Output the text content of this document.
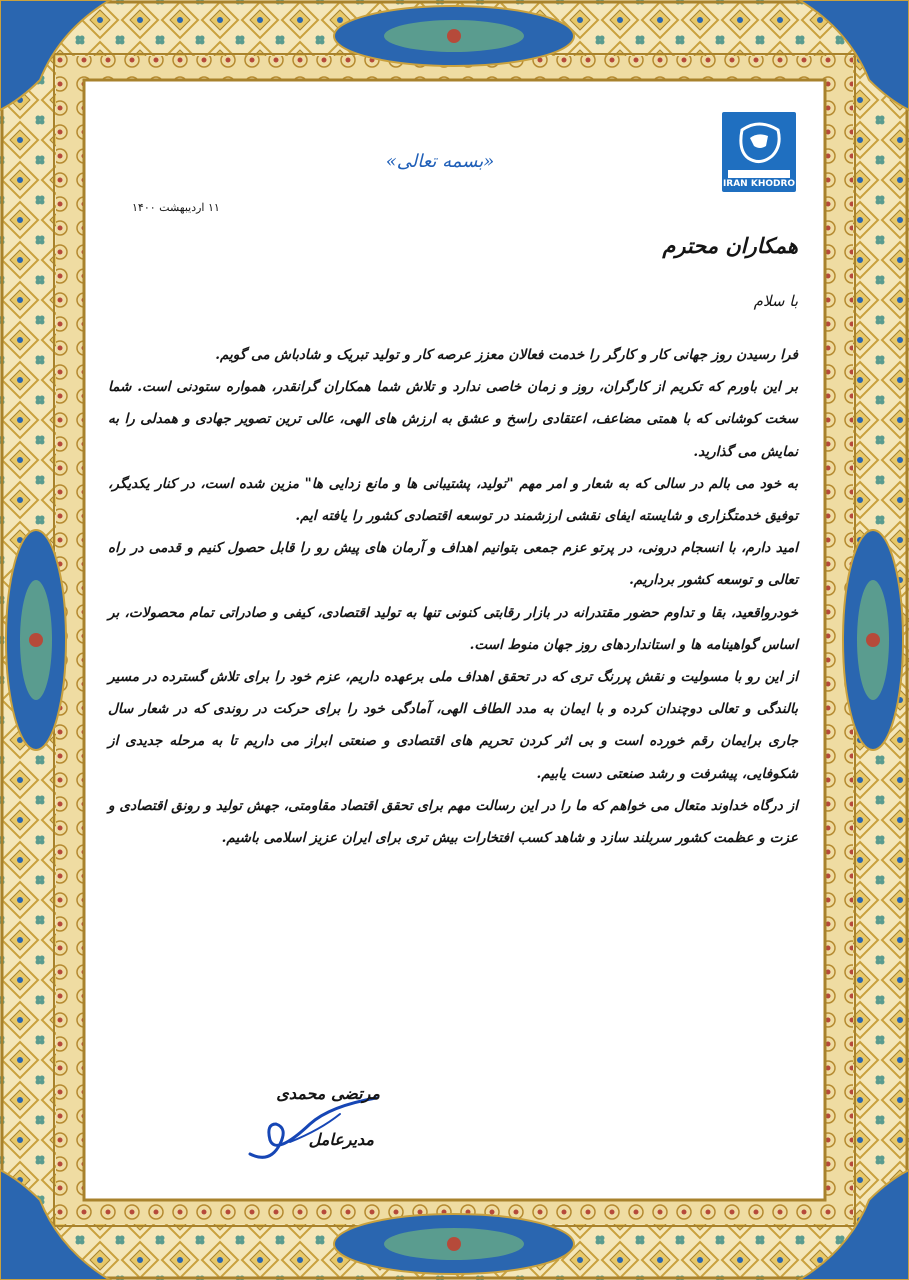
IRAN KHODRO
«بسمه تعالی»
۱۱ اردیبهشت ۱۴۰۰
همکاران محترم
با سلام

فرا رسیدن روز جهانی کار و کارگر را خدمت فعالان معزز عرصه کار و تولید تبریک و شادباش می گویم.

بر این باورم که تکریم از کارگران، روز و زمان خاصی ندارد و تلاش شما همکاران گرانقدر، همواره ستودنی است. شما سخت کوشانی که با همتی مضاعف، اعتقادی راسخ و عشق به ارزش های الهی، عالی ترین تصویر جهادی و همدلی را به نمایش می گذارید.

به خود می بالم در سالی که به شعار و امر مهم "تولید، پشتیبانی ها و مانع زدایی ها" مزین شده است، در کنار یکدیگر، توفیق خدمتگزاری و شایسته ایفای نقشی ارزشمند در توسعه اقتصادی کشور را یافته ایم.

امید دارم، با انسجام درونی، در پرتو عزم جمعی بتوانیم اهداف و آرمان های پیش رو را قابل حصول کنیم و قدمی در راه تعالی و توسعه کشور برداریم.

خودرواقعید، بقا و تداوم حضور مقتدرانه در بازار رقابتی کنونی تنها به تولید اقتصادی، کیفی و صادراتی تمام محصولات، بر اساس گواهینامه ها و استانداردهای روز جهان منوط است.

از این رو با مسولیت و نقش پررنگ تری که در تحقق اهداف ملی برعهده داریم، عزم خود را برای تلاش گسترده در مسیر بالندگی و تعالی دوچندان کرده و با ایمان به مدد الطاف الهی، آمادگی خود را برای حرکت در روندی که در شعار سال جاری برایمان رقم خورده است و بی اثر کردن تحریم های اقتصادی و صنعتی ابراز می داریم تا به مرحله جدیدی از شکوفایی، پیشرفت و رشد صنعتی دست یابیم.

از درگاه خداوند متعال می خواهم که ما را در این رسالت مهم برای تحقق اقتصاد مقاومتی، جهش تولید و رونق اقتصادی و عزت و عظمت کشور سربلند سازد و شاهد کسب افتخارات بیش تری برای ایران عزیز اسلامی باشیم.

مرتضی محمدی
مدیرعامل
